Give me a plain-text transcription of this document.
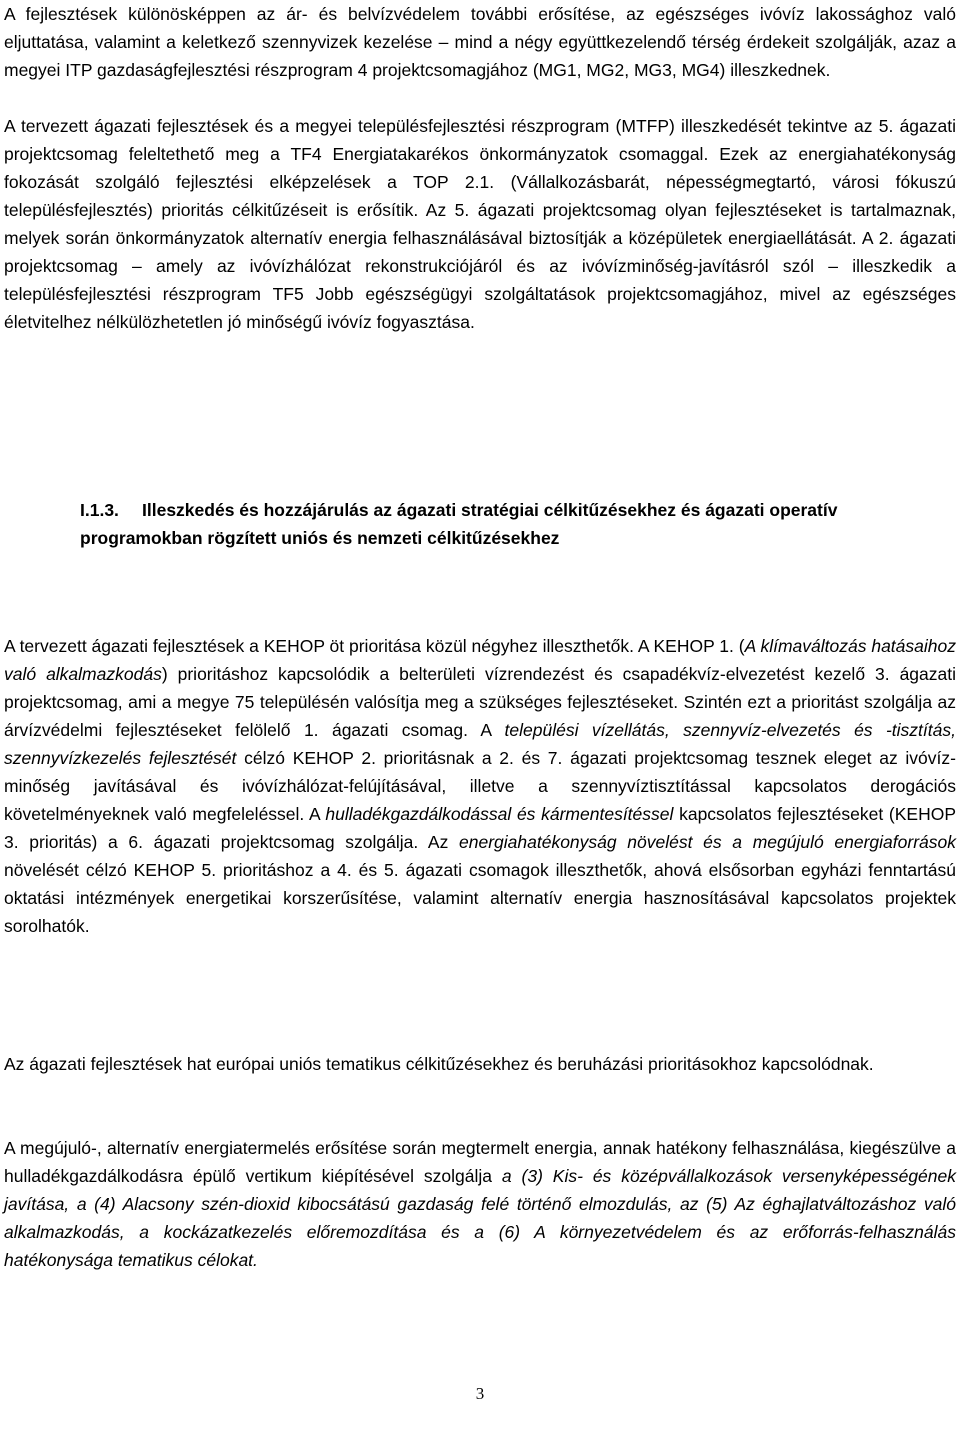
A fejlesztések különösképpen az ár- és belvízvédelem további erősítése, az egészséges ivóvíz lakossághoz való eljuttatása, valamint a keletkező szennyvizek kezelése – mind a négy együttkezelendő térség érdekeit szolgálják, azaz a megyei ITP gazdaságfejlesztési részprogram 4 projektcsomagjához (MG1, MG2, MG3, MG4) illeszkednek.

A tervezett ágazati fejlesztések és a megyei településfejlesztési részprogram (MTFP) illeszkedését tekintve az 5. ágazati projektcsomag feleltethető meg a TF4 Energiatakarékos önkormányzatok csomaggal. Ezek az energiahatékonyság fokozását szolgáló fejlesztési elképzelések a TOP 2.1. (Vállalkozásbarát, népességmegtartó, városi fókuszú településfejlesztés) prioritás célkitűzéseit is erősítik. Az 5. ágazati projektcsomag olyan fejlesztéseket is tartalmaznak, melyek során önkormányzatok alternatív energia felhasználásával biztosítják a középületek energiaellátását. A 2. ágazati projektcsomag – amely az ivóvízhálózat rekonstrukciójáról és az ivóvízminőség-javításról szól – illeszkedik a településfejlesztési részprogram TF5 Jobb egészségügyi szolgáltatások projektcsomagjához, mivel az egészséges életvitelhez nélkülözhetetlen jó minőségű ivóvíz fogyasztása.

I.1.3. Illeszkedés és hozzájárulás az ágazati stratégiai célkitűzésekhez és ágazati operatív programokban rögzített uniós és nemzeti célkitűzésekhez

A tervezett ágazati fejlesztések a KEHOP öt prioritása közül négyhez illeszthetők. A KEHOP 1. (A klímaváltozás hatásaihoz való alkalmazkodás) prioritáshoz kapcsolódik a belterületi vízrendezést és csapadékvíz-elvezetést kezelő 3. ágazati projektcsomag, ami a megye 75 településén valósítja meg a szükséges fejlesztéseket. Szintén ezt a prioritást szolgálja az árvízvédelmi fejlesztéseket felölelő 1. ágazati csomag. A települési vízellátás, szennyvíz-elvezetés és -tisztítás, szennyvízkezelés fejlesztését célzó KEHOP 2. prioritásnak a 2. és 7. ágazati projektcsomag tesznek eleget az ivóvíz-minőség javításával és ivóvízhálózat-felújításával, illetve a szennyvíztisztítással kapcsolatos derogációs követelményeknek való megfeleléssel. A hulladékgazdálkodással és kármentesítéssel kapcsolatos fejlesztéseket (KEHOP 3. prioritás) a 6. ágazati projektcsomag szolgálja. Az energiahatékonyság növelést és a megújuló energiaforrások növelését célzó KEHOP 5. prioritáshoz a 4. és 5. ágazati csomagok illeszthetők, ahová elsősorban egyházi fenntartású oktatási intézmények energetikai korszerűsítése, valamint alternatív energia hasznosításával kapcsolatos projektek sorolhatók.

Az ágazati fejlesztések hat európai uniós tematikus célkitűzésekhez és beruházási prioritásokhoz kapcsolódnak.

A megújuló-, alternatív energiatermelés erősítése során megtermelt energia, annak hatékony felhasználása, kiegészülve a hulladékgazdálkodásra épülő vertikum kiépítésével szolgálja a (3) Kis- és középvállalkozások versenyképességének javítása, a (4) Alacsony szén-dioxid kibocsátású gazdaság felé történő elmozdulás, az (5) Az éghajlatváltozáshoz való alkalmazkodás, a kockázatkezelés előremozdítása és a (6) A környezetvédelem és az erőforrás-felhasználás hatékonysága tematikus célokat.

3
